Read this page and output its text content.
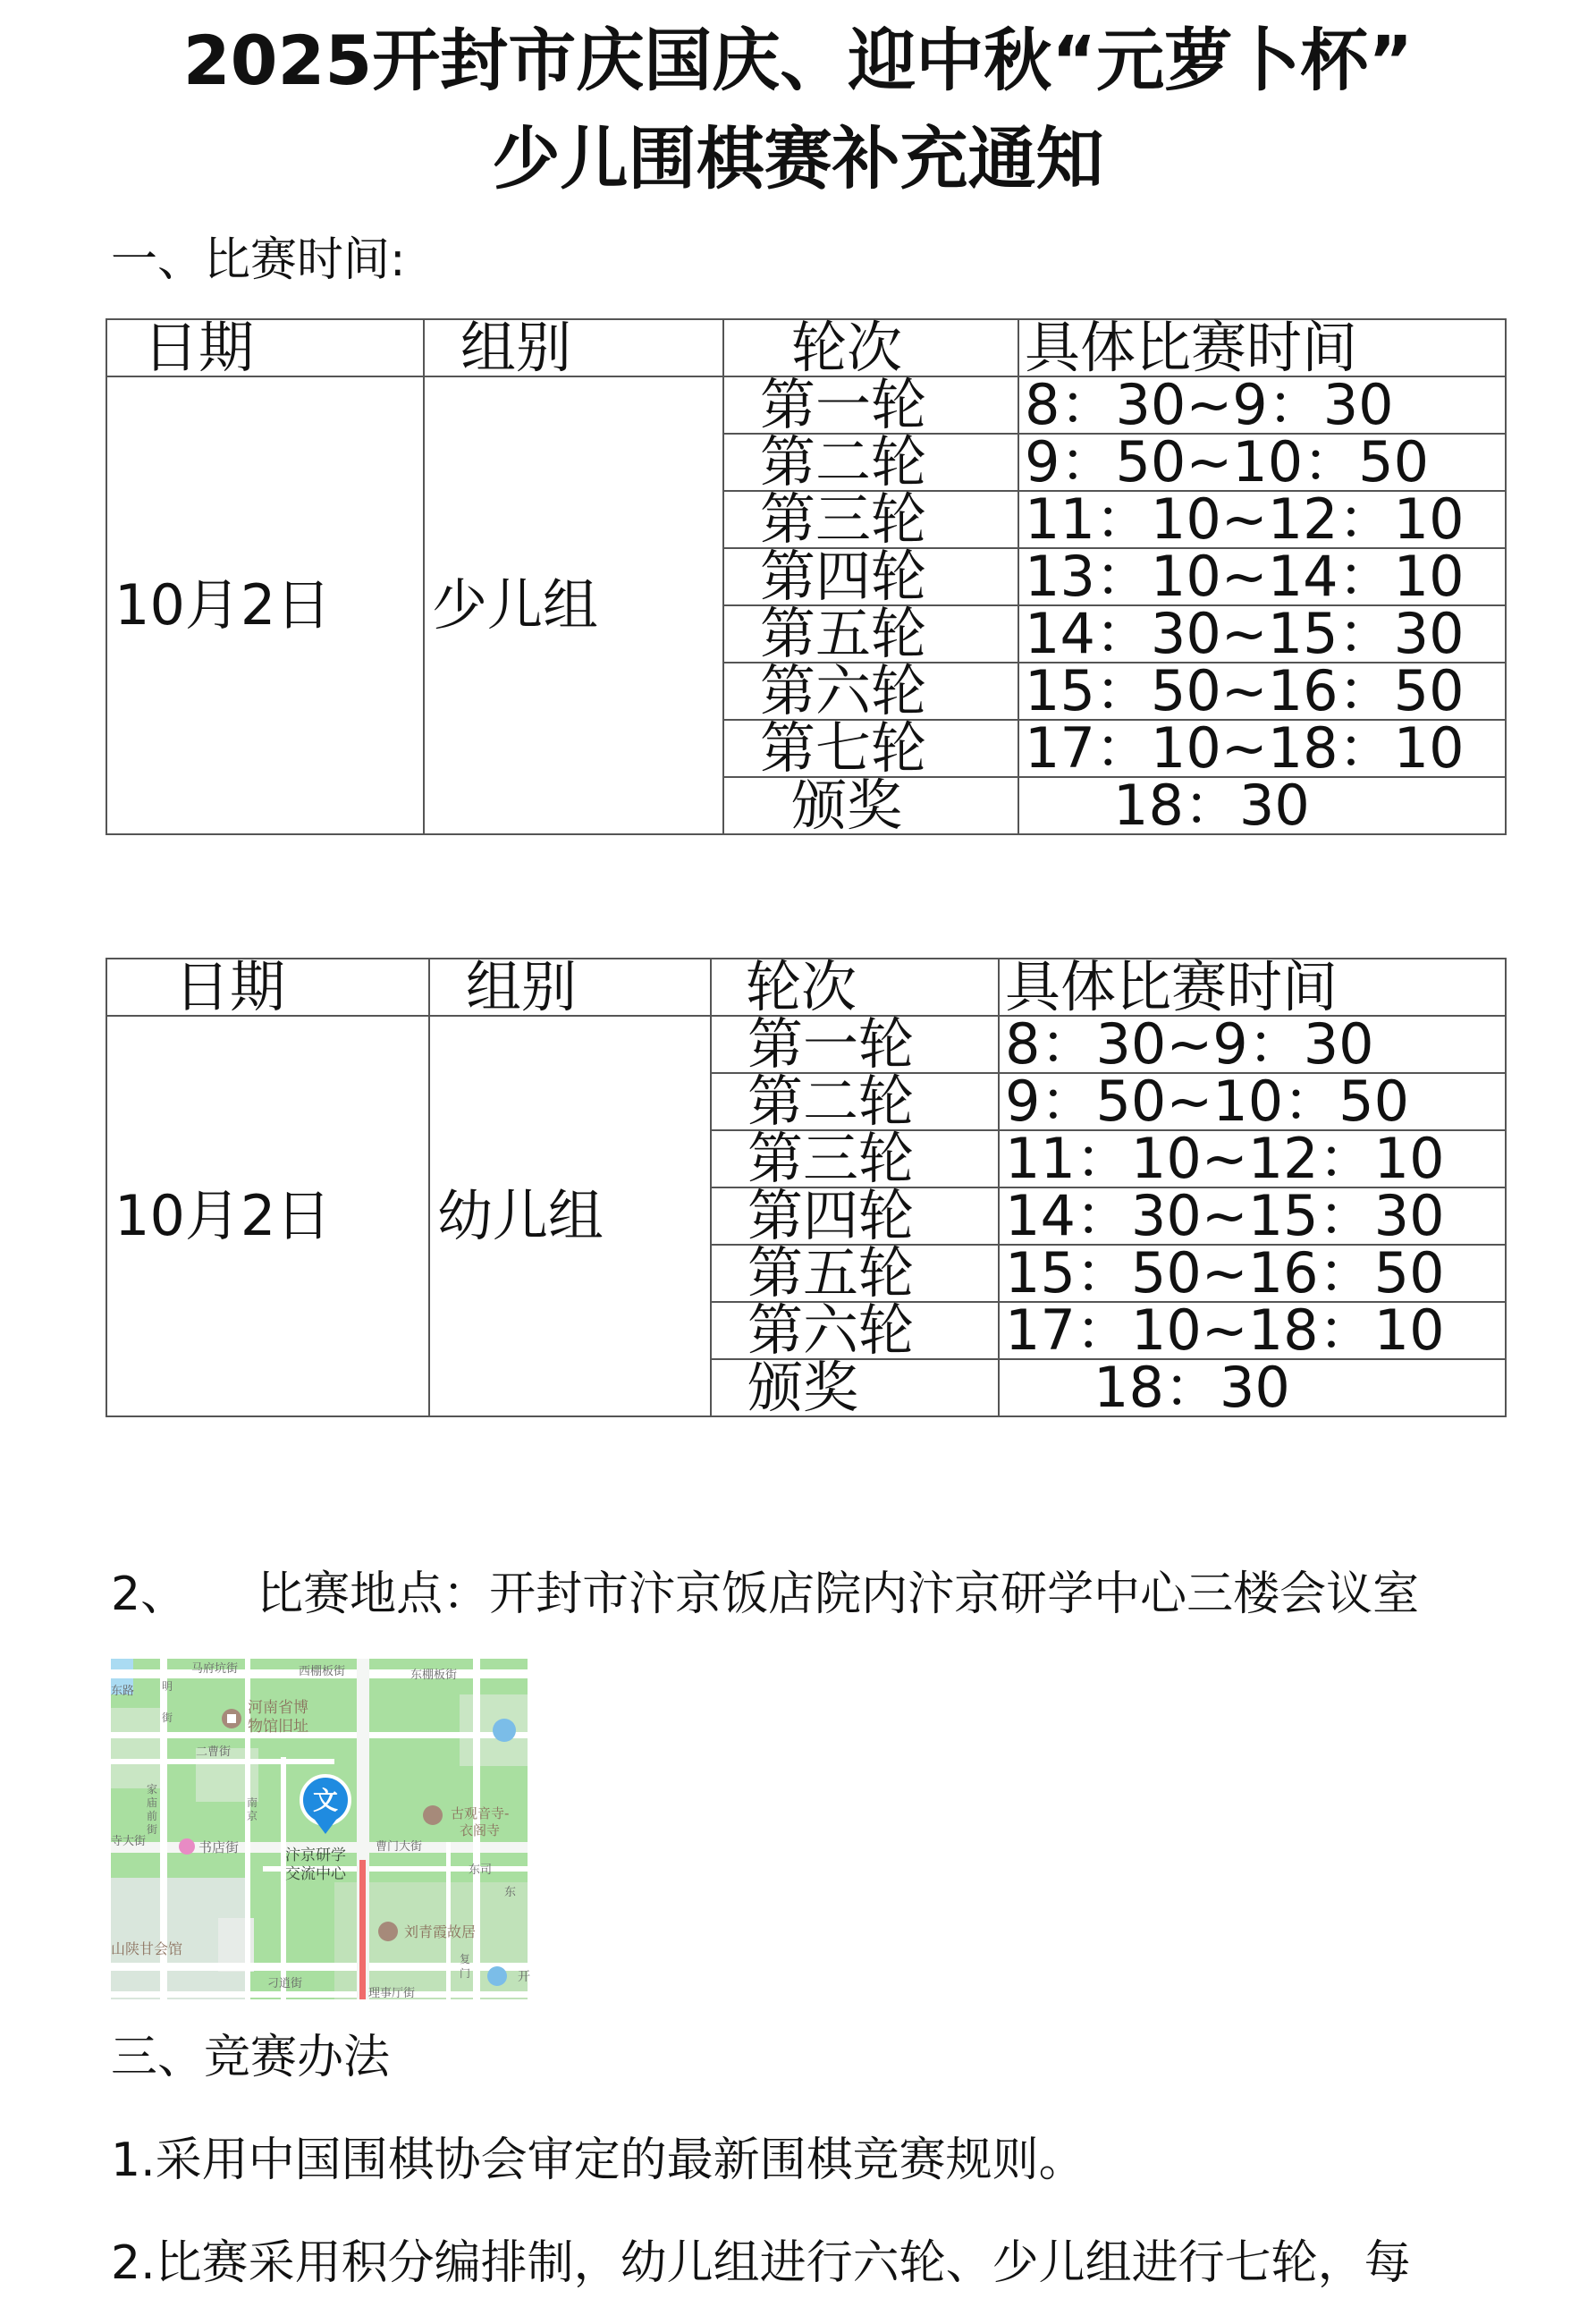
2025开封市庆国庆、迎中秋“元萝卜杯”
少儿围棋赛补充通知
一、比赛时间:
日期	组别	轮次	具体比赛时间
10月2日	少儿组	第一轮	8：30~9：30
		第二轮	9：50~10：50
		第三轮	11：10~12：10
		第四轮	13：10~14：10
		第五轮	14：30~15：30
		第六轮	15：50~16：50
		第七轮	17：10~18：10
		颁奖	18：30
日期	组别	轮次	具体比赛时间
10月2日	幼儿组	第一轮	8：30~9：30
		第二轮	9：50~10：50
		第三轮	11：10~12：10
		第四轮	14：30~15：30
		第五轮	15：50~16：50
		第六轮	17：10~18：10
		颁奖	18：30
2、　　比赛地点：开封市汴京饭店院内汴京研学中心三楼会议室
文
河南省博
物馆旧址
汴京研学
交流中心
古观音寺-
衣阁寺
刘青霞故居
山陕甘会馆
书店街	曹门大街
西棚板街	东棚板街
马府坑街
刁逍街
理事厅街
二曹街
东司
东
东路
寺大街
开
明
街
南
京
家
庙
前
街
复
门
三、竞赛办法
1.采用中国围棋协会审定的最新围棋竞赛规则。
2.比赛采用积分编排制，幼儿组进行六轮、少儿组进行七轮，每
